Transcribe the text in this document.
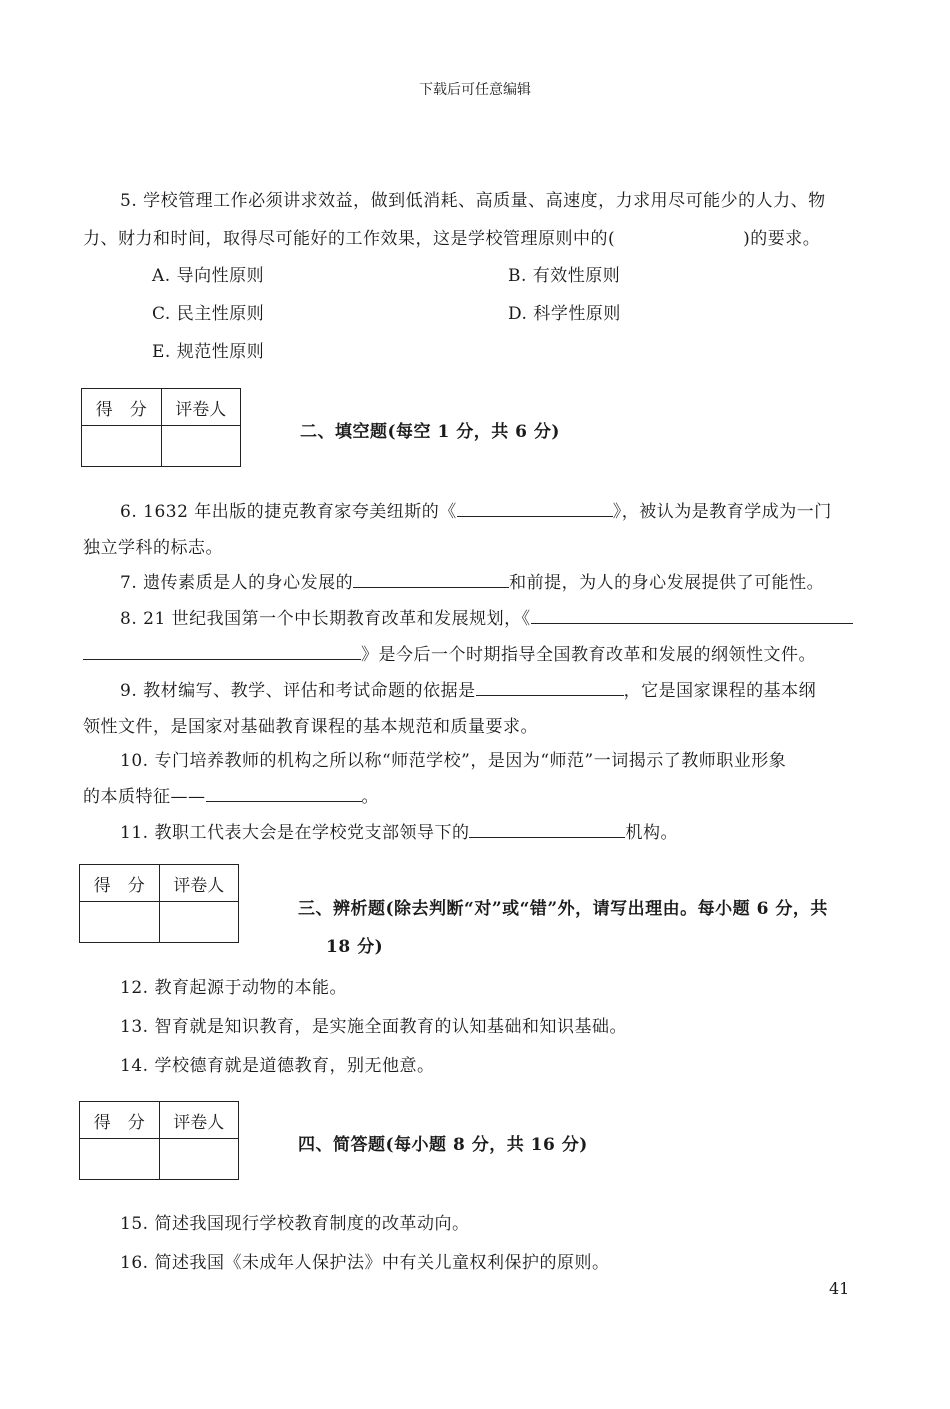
下载后可任意编辑
5. 学校管理工作必须讲求效益，做到低消耗、高质量、高速度，力求用尽可能少的人力、物
力、财力和时间，取得尽可能好的工作效果，这是学校管理原则中的(	)的要求。
A. 导向性原则	B. 有效性原则
C. 民主性原则	D. 科学性原则
E. 规范性原则
得　分	评卷人

二、填空题(每空 1 分，共 6 分)
6. 1632 年出版的捷克教育家夸美纽斯的《	》，被认为是教育学成为一门
独立学科的标志。
7. 遗传素质是人的身心发展的	和前提，为人的身心发展提供了可能性。
8. 21 世纪我国第一个中长期教育改革和发展规划，《
》是今后一个时期指导全国教育改革和发展的纲领性文件。
9. 教材编写、教学、评估和考试命题的依据是	，它是国家课程的基本纲
领性文件，是国家对基础教育课程的基本规范和质量要求。
10. 专门培养教师的机构之所以称“师范学校”，是因为“师范”一词揭示了教师职业形象
的本质特征——	。
11. 教职工代表大会是在学校党支部领导下的	机构。
得　分	评卷人

三、辨析题(除去判断“对”或“错”外，请写出理由。每小题 6 分，共
18 分)
12. 教育起源于动物的本能。
13. 智育就是知识教育，是实施全面教育的认知基础和知识基础。
14. 学校德育就是道德教育，别无他意。
得　分	评卷人

四、简答题(每小题 8 分，共 16 分)
15. 简述我国现行学校教育制度的改革动向。
16. 简述我国《未成年人保护法》中有关儿童权利保护的原则。
41
